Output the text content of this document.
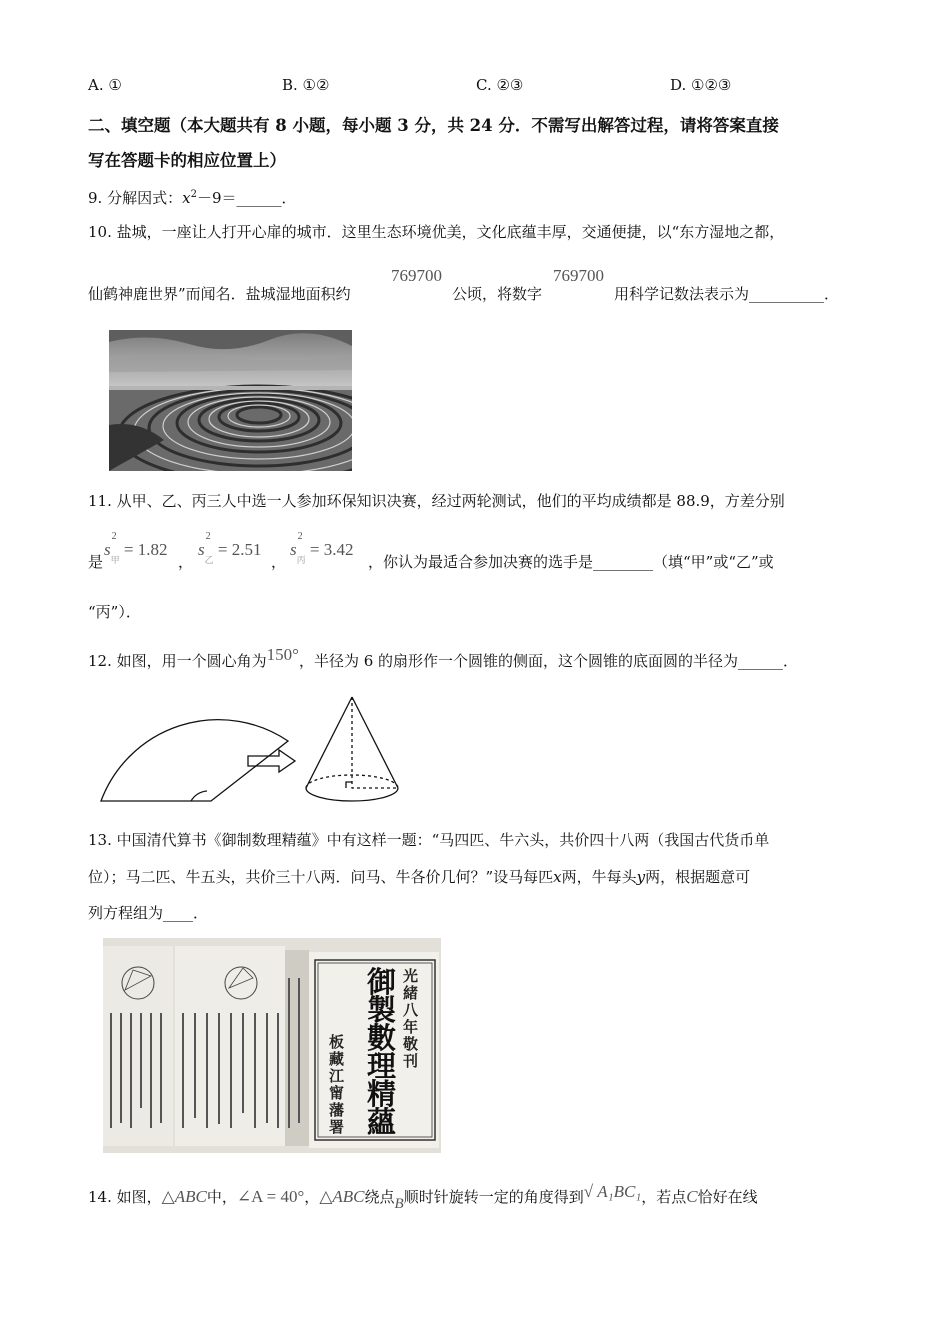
A. ①	B. ①②	C. ②③	D. ①②③
二、填空题（本大题共有 8 小题，每小题 3 分，共 24 分．不需写出解答过程，请将答案直接
写在答题卡的相应位置上）
9. 分解因式：$x^2-9=\_\_\_\_\_\_$．
10. 盐城，一座让人打开心扉的城市．这里生态环境优美，文化底蕴丰厚，交通便捷，以“东方湿地之都，
仙鹤神鹿世界”而闻名．盐城湿地面积约
769700
公顷，将数字
769700
用科学记数法表示为__________．
11. 从甲、乙、丙三人中选一人参加环保知识决赛，经过两轮测试，他们的平均成绩都是 88.9，方差分别
是
s
2
$_甲$ = 1.82
，
s
2
$_乙$ = 2.51
，
s
2
$_丙$ = 3.42
，你认为最适合参加决赛的选手是________（填“甲”或“乙”或
“丙”）．
12. 如图，用一个圆心角为150°，半径为 6 的扇形作一个圆锥的侧面，这个圆锥的底面圆的半径为______．
13. 中国清代算书《御制数理精蕴》中有这样一题：“马四匹、牛六头，共价四十八两（我国古代货币单
位）；马二匹、牛五头，共价三十八两．问马、牛各价几何？”设马每匹x两，牛每头y两，根据题意可
列方程组为____．
光緒八年敬刊
御製數理精蘊
板藏江甯藩署
14. 如图，△ABC中，∠A = 40°，△ABC绕点B顺时针旋转一定的角度得到√ A₁BC₁，若点C恰好在线
